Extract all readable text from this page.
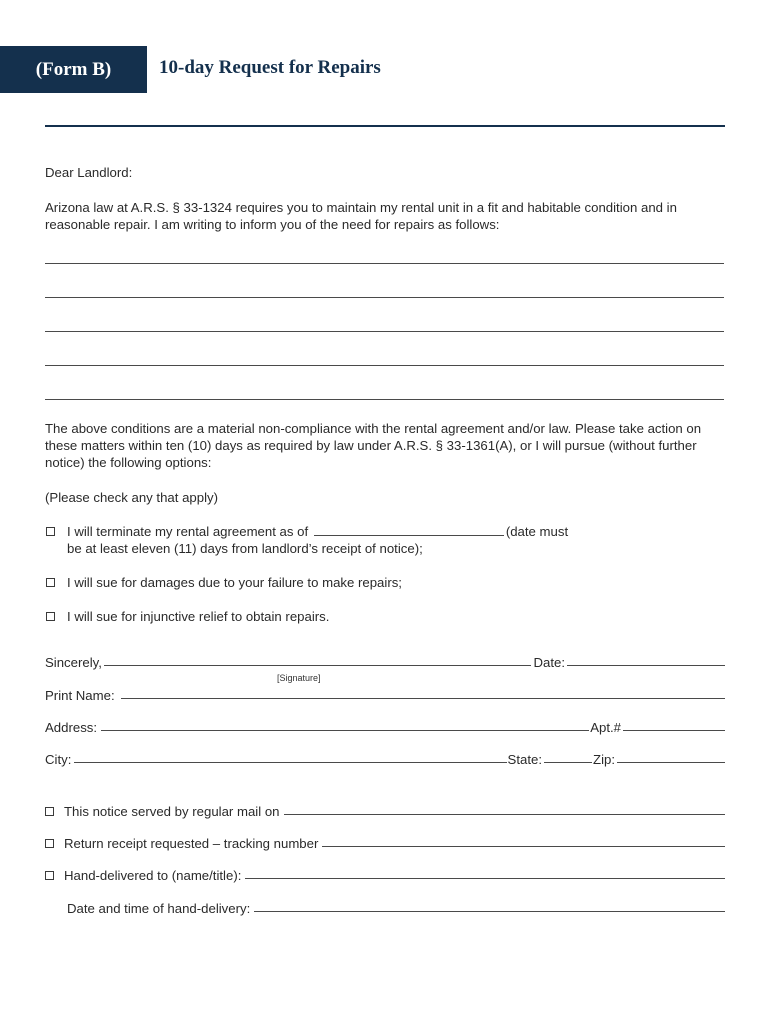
(Form B)	10-day Request for Repairs

Dear Landlord:

Arizona law at A.R.S. § 33-1324 requires you to maintain my rental unit in a fit and habitable condition and in reasonable repair. I am writing to inform you of the need for repairs as follows:

The above conditions are a material non-compliance with the rental agreement and/or law. Please take action on these matters within ten (10) days as required by law under A.R.S. § 33-1361(A), or I will pursue (without further notice) the following options:

(Please check any that apply)

I will terminate my rental agreement as of	(date must
be at least eleven (11) days from landlord’s receipt of notice);
I will sue for damages due to your failure to make repairs;
I will sue for injunctive relief to obtain repairs.
Sincerely,	Date:
[Signature]
Print Name:
Address:	Apt.#
City:	State:	Zip:
This notice served by regular mail on
Return receipt requested – tracking number
Hand-delivered to (name/title):
Date and time of hand-delivery:
